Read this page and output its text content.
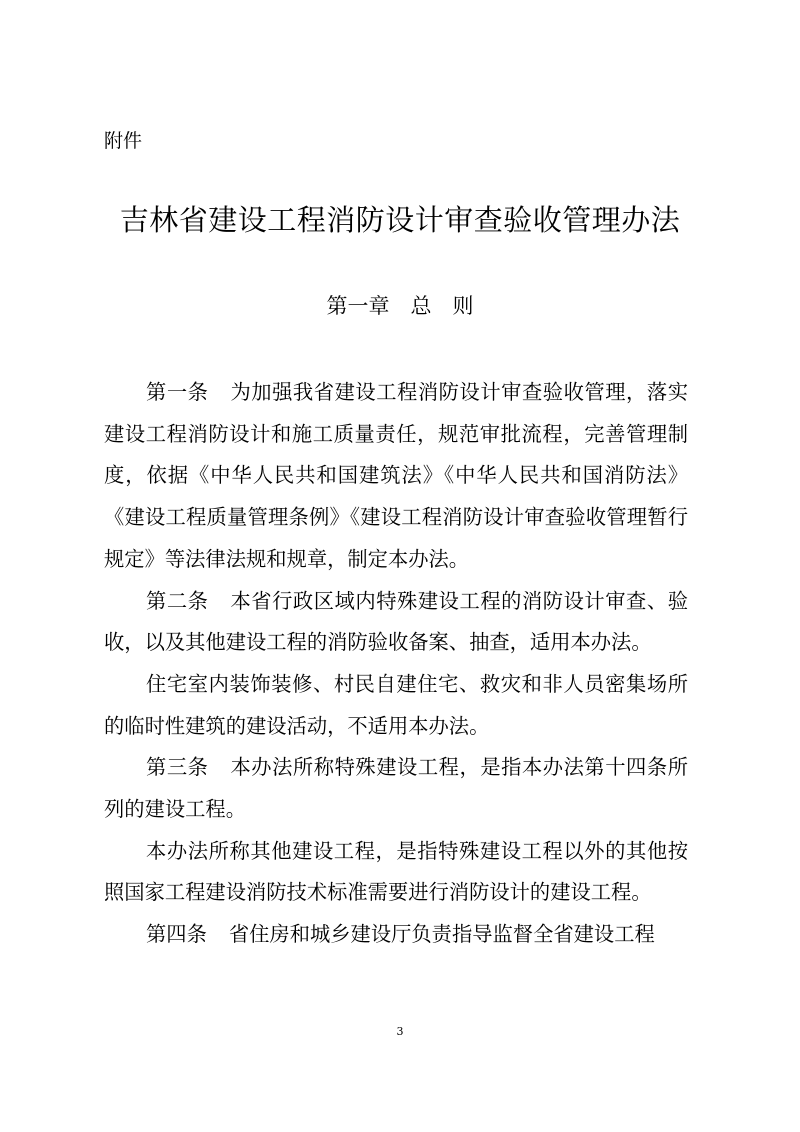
附件
吉林省建设工程消防设计审查验收管理办法
第一章　总　则

第一条 为加强我省建设工程消防设计审查验收管理，落实建设工程消防设计和施工质量责任，规范审批流程，完善管理制度，依据《中华人民共和国建筑法》《中华人民共和国消防法》《建设工程质量管理条例》《建设工程消防设计审查验收管理暂行规定》等法律法规和规章，制定本办法。

第二条 本省行政区域内特殊建设工程的消防设计审查、验收，以及其他建设工程的消防验收备案、抽查，适用本办法。

住宅室内装饰装修、村民自建住宅、救灾和非人员密集场所的临时性建筑的建设活动，不适用本办法。

第三条 本办法所称特殊建设工程，是指本办法第十四条所列的建设工程。

本办法所称其他建设工程，是指特殊建设工程以外的其他按照国家工程建设消防技术标准需要进行消防设计的建设工程。

第四条 省住房和城乡建设厅负责指导监督全省建设工程

3
